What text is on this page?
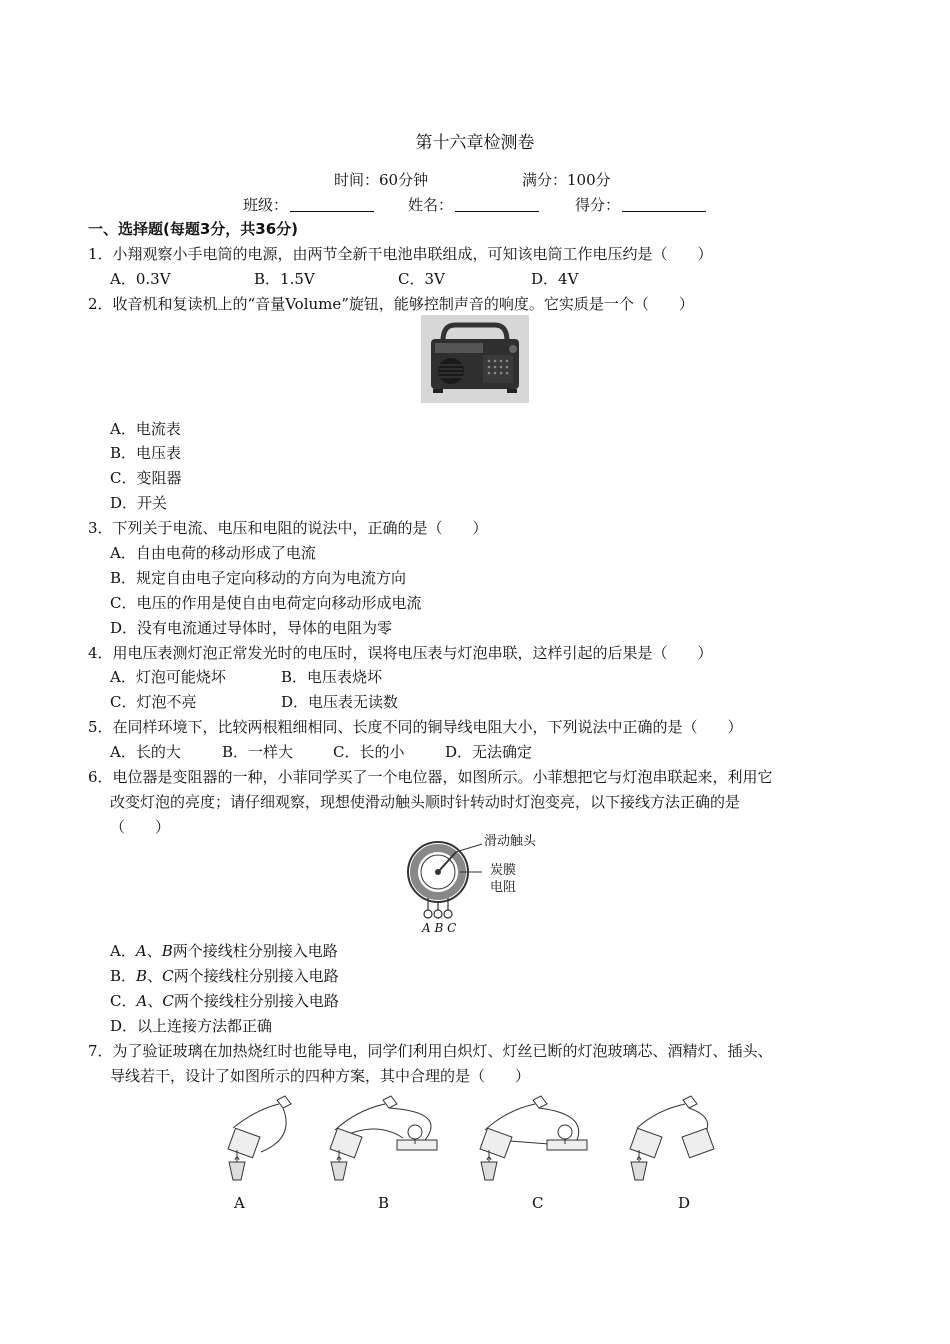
第十六章检测卷
时间：60分钟	满分：100分
班级：	姓名：	得分：
一、选择题(每题3分，共36分)
1．小翔观察小手电筒的电源，由两节全新干电池串联组成，可知该电筒工作电压约是（　　）
A．0.3V	B．1.5V	C．3V	D．4V
2．收音机和复读机上的“音量Volume”旋钮，能够控制声音的响度。它实质是一个（　　）
A．电流表
B．电压表
C．变阻器
D．开关
3．下列关于电流、电压和电阻的说法中，正确的是（　　）
A．自由电荷的移动形成了电流
B．规定自由电子定向移动的方向为电流方向
C．电压的作用是使自由电荷定向移动形成电流
D．没有电流通过导体时，导体的电阻为零
4．用电压表测灯泡正常发光时的电压时，误将电压表与灯泡串联，这样引起的后果是（　　）
A．灯泡可能烧坏	B．电压表烧坏
C．灯泡不亮	D．电压表无读数
5．在同样环境下，比较两根粗细相同、长度不同的铜导线电阻大小，下列说法中正确的是（　　）
A．长的大	B．一样大	C．长的小	D．无法确定
6．电位器是变阻器的一种，小菲同学买了一个电位器，如图所示。小菲想把它与灯泡串联起来，利用它
改变灯泡的亮度；请仔细观察，现想使滑动触头顺时针转动时灯泡变亮，以下接线方法正确的是
（　　）
滑动触头
炭膜
电阻
A B C
A．A、B两个接线柱分别接入电路
B．B、C两个接线柱分别接入电路
C．A、C两个接线柱分别接入电路
D．以上连接方法都正确
7．为了验证玻璃在加热烧红时也能导电，同学们利用白炽灯、灯丝已断的灯泡玻璃芯、酒精灯、插头、
导线若干，设计了如图所示的四种方案，其中合理的是（　　）
A	B	C	D
